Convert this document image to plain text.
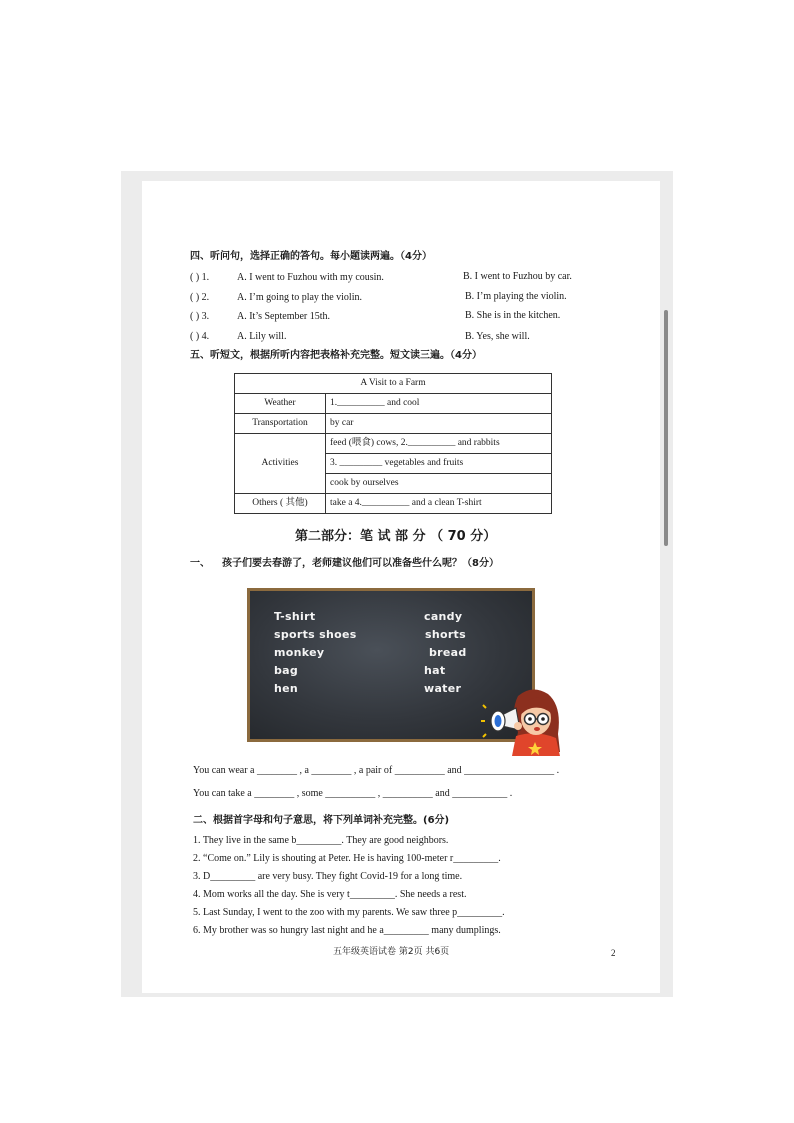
四、听问句，选择正确的答句。每小题读两遍。（4分）
( ) 1.	A. I went to Fuzhou with my cousin.	B. I went to Fuzhou by car.
( ) 2.	A. I’m going to play the violin.	B. I’m playing the violin.
( ) 3.	A. It’s September 15th.	B. She is in the kitchen.
( ) 4.	A. Lily will.	B. Yes, she will.
五、听短文，根据所听内容把表格补充完整。短文读三遍。（4分）
A Visit to a Farm	
Weather	1.__________ and cool
Transportation	by car
Activities	feed (喂食) cows, 2.__________ and rabbits
	3. _________ vegetables and fruits
	cook by ourselves
Others ( 其他)	take a 4.__________ and a clean T-shirt
第二部分：笔 试 部 分 （ 70 分）
一、 孩子们要去春游了，老师建议他们可以准备些什么呢？（8分）
T-shirt
sports shoes
monkey
bag
hen
candy
shorts
bread
hat
water
You can wear a ________ , a ________ , a pair of __________ and __________________ .
You can take a ________ , some __________ , __________ and ___________ .
二、根据首字母和句子意思，将下列单词补充完整。(6分)
1. They live in the same b_________. They are good neighbors.
2. “Come on.” Lily is shouting at Peter. He is having 100-meter r_________.
3. D_________ are very busy. They fight Covid-19 for a long time.
4. Mom works all the day. She is very t_________. She needs a rest.
5. Last Sunday, I went to the zoo with my parents. We saw three p_________.
6. My brother was so hungry last night and he a_________ many dumplings.
五年级英语试卷 第2页 共6页	2
